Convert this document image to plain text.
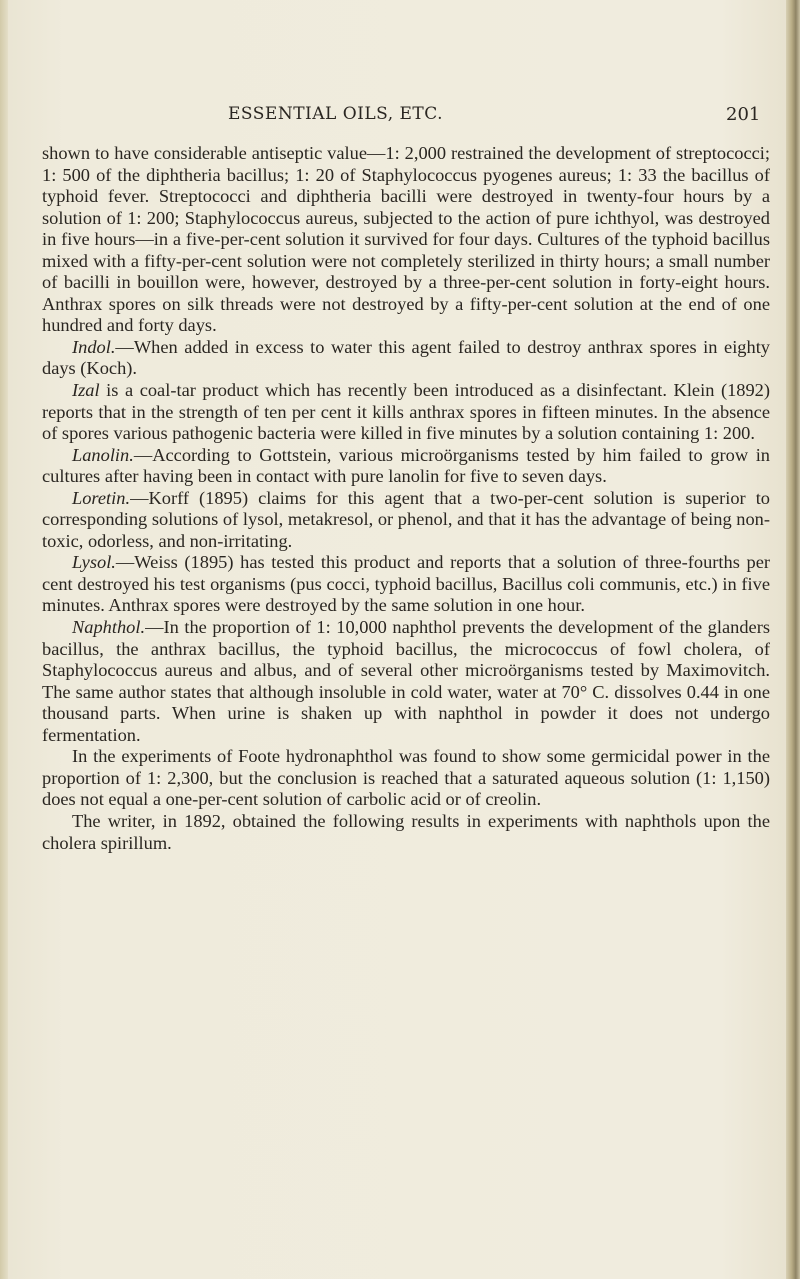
ESSENTIAL OILS, ETC.	201

shown to have considerable antiseptic value—1: 2,000 restrained the development of streptococci; 1: 500 of the diphtheria bacillus; 1: 20 of Staphylococcus pyogenes aureus; 1: 33 the bacillus of typhoid fever. Streptococci and diphtheria bacilli were destroyed in twenty-four hours by a solution of 1: 200; Staphylococcus aureus, subjected to the action of pure ichthyol, was destroyed in five hours—in a five-per-cent solution it survived for four days. Cultures of the typhoid bacillus mixed with a fifty-per-cent solution were not completely sterilized in thirty hours; a small number of bacilli in bouillon were, however, destroyed by a three-per-cent solution in forty-eight hours. Anthrax spores on silk threads were not destroyed by a fifty-per-cent solution at the end of one hundred and forty days.

Indol.—When added in excess to water this agent failed to destroy anthrax spores in eighty days (Koch).

Izal is a coal-tar product which has recently been introduced as a disinfectant. Klein (1892) reports that in the strength of ten per cent it kills anthrax spores in fifteen minutes. In the absence of spores various pathogenic bacteria were killed in five minutes by a solution containing 1: 200.

Lanolin.—According to Gottstein, various microörganisms tested by him failed to grow in cultures after having been in contact with pure lanolin for five to seven days.

Loretin.—Korff (1895) claims for this agent that a two-per-cent solution is superior to corresponding solutions of lysol, metakresol, or phenol, and that it has the advantage of being non-toxic, odorless, and non-irritating.

Lysol.—Weiss (1895) has tested this product and reports that a solution of three-fourths per cent destroyed his test organisms (pus cocci, typhoid bacillus, Bacillus coli communis, etc.) in five minutes. Anthrax spores were destroyed by the same solution in one hour.

Naphthol.—In the proportion of 1: 10,000 naphthol prevents the development of the glanders bacillus, the anthrax bacillus, the typhoid bacillus, the micrococcus of fowl cholera, of Staphylococcus aureus and albus, and of several other microörganisms tested by Maximovitch. The same author states that although insoluble in cold water, water at 70° C. dissolves 0.44 in one thousand parts. When urine is shaken up with naphthol in powder it does not undergo fermentation.

In the experiments of Foote hydronaphthol was found to show some germicidal power in the proportion of 1: 2,300, but the conclusion is reached that a saturated aqueous solution (1: 1,150) does not equal a one-per-cent solution of carbolic acid or of creolin.

The writer, in 1892, obtained the following results in experiments with naphthols upon the cholera spirillum.
